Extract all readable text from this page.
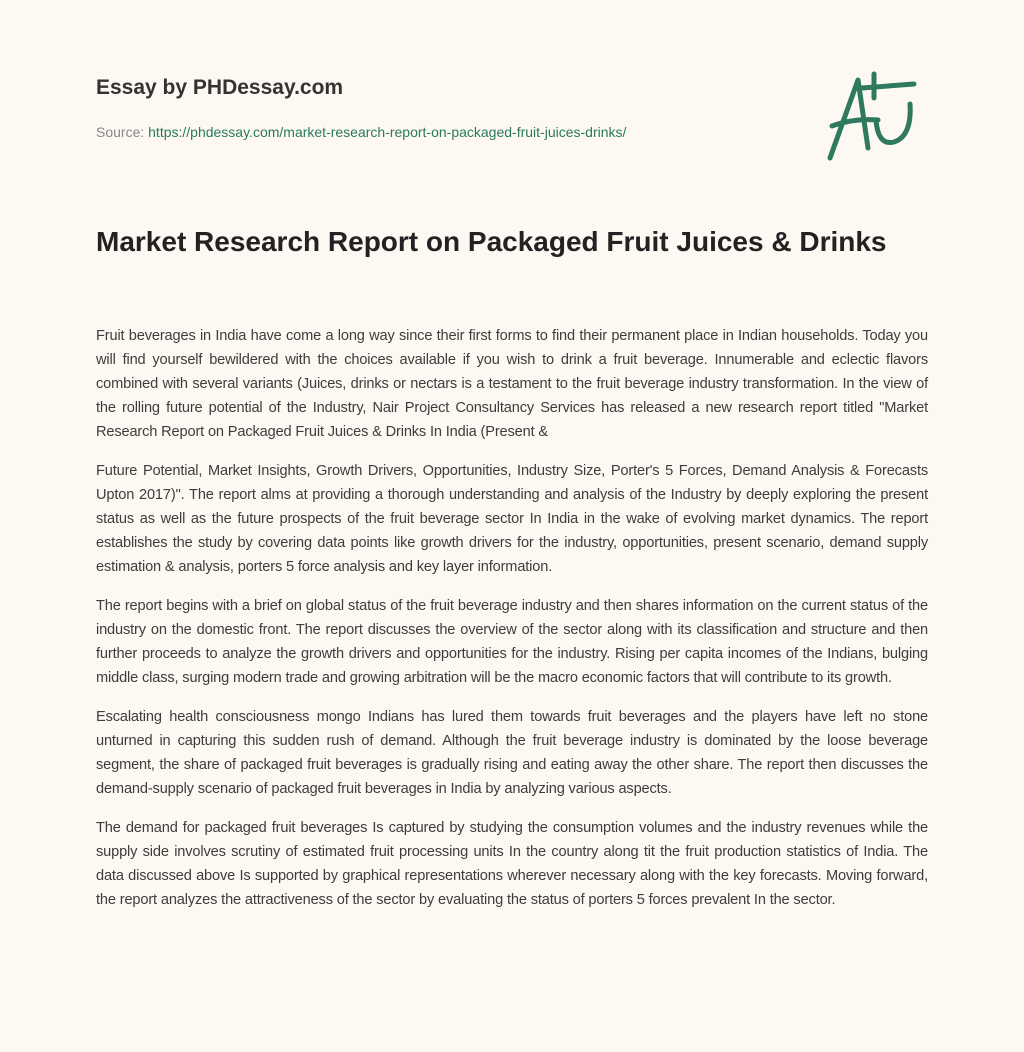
Essay by PHDessay.com
Source: https://phdessay.com/market-research-report-on-packaged-fruit-juices-drinks/
Market Research Report on Packaged Fruit Juices & Drinks

Fruit beverages in India have come a long way since their first forms to find their permanent place in Indian households. Today you will find yourself bewildered with the choices available if you wish to drink a fruit beverage. Innumerable and eclectic flavors combined with several variants (Juices, drinks or nectars is a testament to the fruit beverage industry transformation. In the view of the rolling future potential of the Industry, Nair Project Consultancy Services has released a new research report titled "Market Research Report on Packaged Fruit Juices & Drinks In India (Present &

Future Potential, Market Insights, Growth Drivers, Opportunities, Industry Size, Porter's 5 Forces, Demand Analysis & Forecasts Upton 2017)". The report alms at providing a thorough understanding and analysis of the Industry by deeply exploring the present status as well as the future prospects of the fruit beverage sector In India in the wake of evolving market dynamics. The report establishes the study by covering data points like growth drivers for the industry, opportunities, present scenario, demand supply estimation & analysis, porters 5 force analysis and key layer information.

The report begins with a brief on global status of the fruit beverage industry and then shares information on the current status of the industry on the domestic front. The report discusses the overview of the sector along with its classification and structure and then further proceeds to analyze the growth drivers and opportunities for the industry. Rising per capita incomes of the Indians, bulging middle class, surging modern trade and growing arbitration will be the macro economic factors that will contribute to its growth.

Escalating health consciousness mongo Indians has lured them towards fruit beverages and the players have left no stone unturned in capturing this sudden rush of demand. Although the fruit beverage industry is dominated by the loose beverage segment, the share of packaged fruit beverages is gradually rising and eating away the other share. The report then discusses the demand-supply scenario of packaged fruit beverages in India by analyzing various aspects.

The demand for packaged fruit beverages Is captured by studying the consumption volumes and the industry revenues while the supply side involves scrutiny of estimated fruit processing units In the country along tit the fruit production statistics of India. The data discussed above Is supported by graphical representations wherever necessary along with the key forecasts. Moving forward, the report analyzes the attractiveness of the sector by evaluating the status of porters 5 forces prevalent In the sector.
